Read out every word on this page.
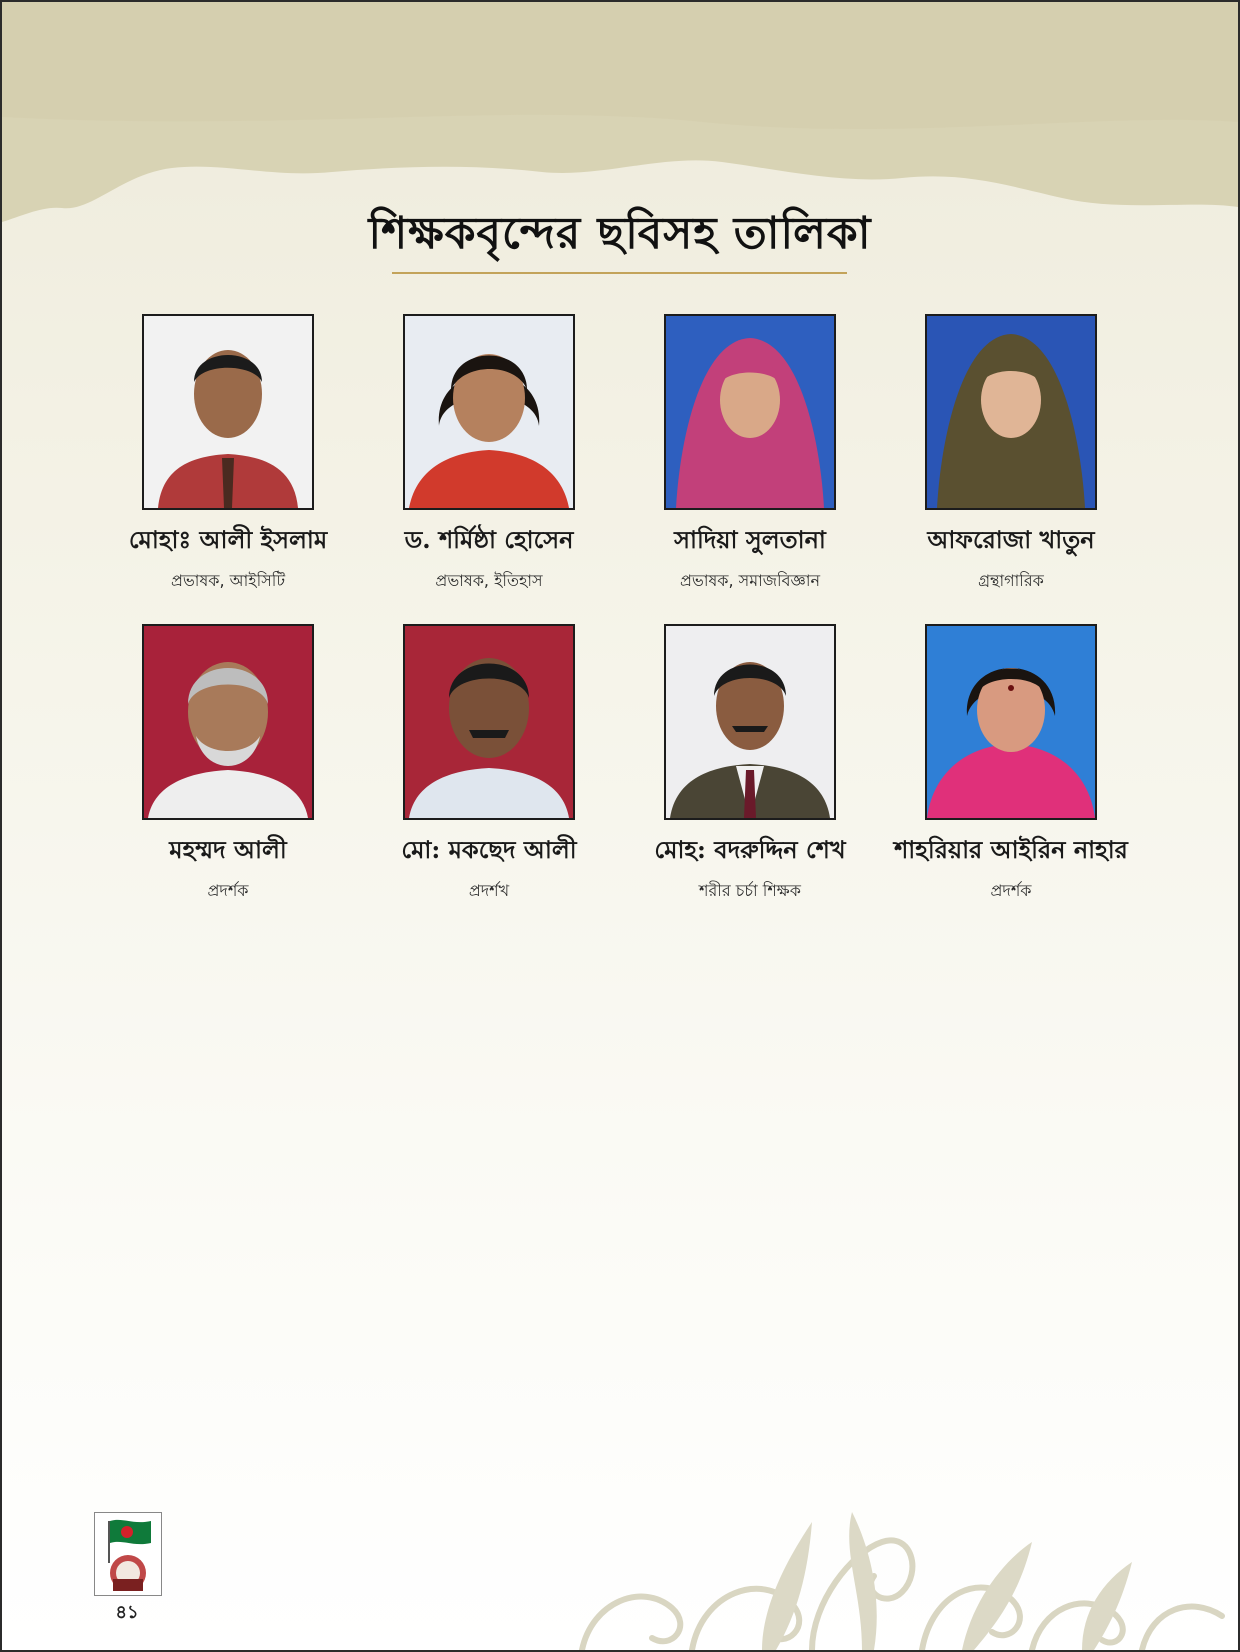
শিক্ষকবৃন্দের ছবিসহ তালিকা
মোহাঃ আলী ইসলাম
প্রভাষক, আইসিটি
ড. শর্মিষ্ঠা হোসেন
প্রভাষক, ইতিহাস
সাদিয়া সুলতানা
প্রভাষক, সমাজবিজ্ঞান
আফরোজা খাতুন
গ্রন্থাগারিক
মহম্মদ আলী
প্রদর্শক
মো: মকছেদ আলী
প্রদর্শখ
মোহ: বদরুদ্দিন শেখ
শরীর চর্চা শিক্ষক
শাহরিয়ার আইরিন নাহার
প্রদর্শক
৪১
